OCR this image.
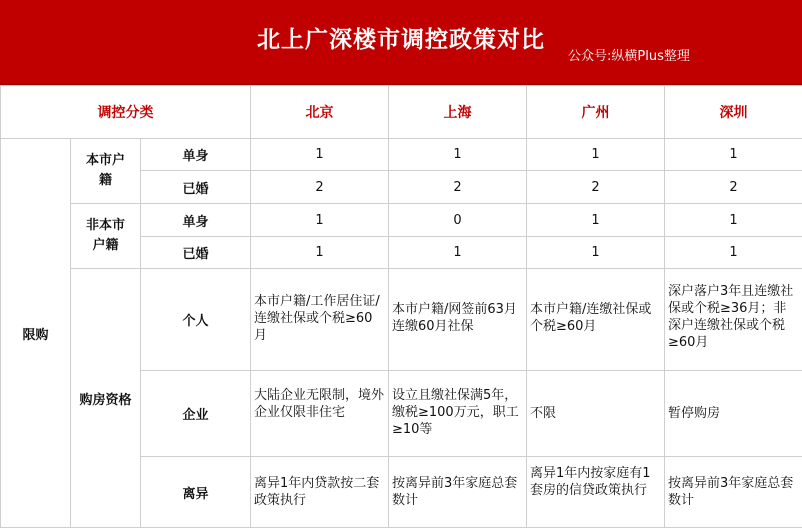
北上广深楼市调控政策对比
公众号:纵横Plus整理
调控分类			北京	上海	广州	深圳
限购	本市户籍	单身	1	1	1	1
		已婚	2	2	2	2

	非本市户籍	单身	1	0	1	1
		已婚	1	1	1	1
	购房资格	个人	本市户籍/工作居住证/连缴社保或个税≥60月	本市户籍/网签前63月连缴60月社保	本市户籍/连缴社保或个税≥60月	深户落户3年且连缴社保或个税≥36月；非深户连缴社保或个税≥60月
		企业	大陆企业无限制，境外企业仅限非住宅	设立且缴社保满5年，缴税≥100万元，职工≥10等	不限	暂停购房
		离异	离异1年内贷款按二套政策执行	按离异前3年家庭总套数计	离异1年内按家庭有1套房的信贷政策执行	按离异前3年家庭总套数计
